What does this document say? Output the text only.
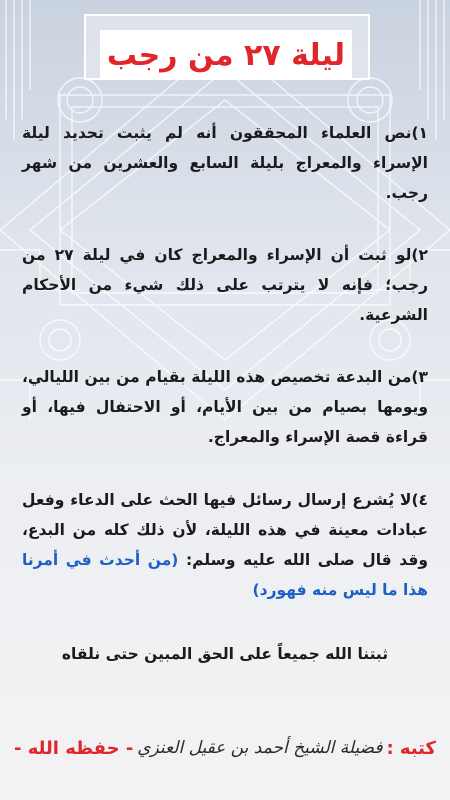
ليلة ٢٧ من رجب

١)نص العلماء المحققون أنه لم يثبت تحديد ليلة الإسراء والمعراج بليلة السابع والعشرين من شهر رجب.

٢)لو ثبت أن الإسراء والمعراج كان في ليلة ٢٧ من رجب؛ فإنه لا يترتب على ذلك شيء من الأحكام الشرعية.

٣)من البدعة تخصيص هذه الليلة بقيام من بين الليالي، ويومها بصيام من بين الأيام، أو الاحتفال فيها، أو قراءة قصة الإسراء والمعراج.

٤)لا يُشرع إرسال رسائل فيها الحث على الدعاء وفعل عبادات معينة في هذه الليلة، لأن ذلك كله من البدع، وقد قال صلى الله عليه وسلم: (من أحدث في أمرنا هذا ما ليس منه فهورد)

ثبتنا الله جميعاً على الحق المبين حتى نلقاه

كتبه :
فضيلة الشيخ أحمد بن عقيل العنزي
- حفظه الله -
